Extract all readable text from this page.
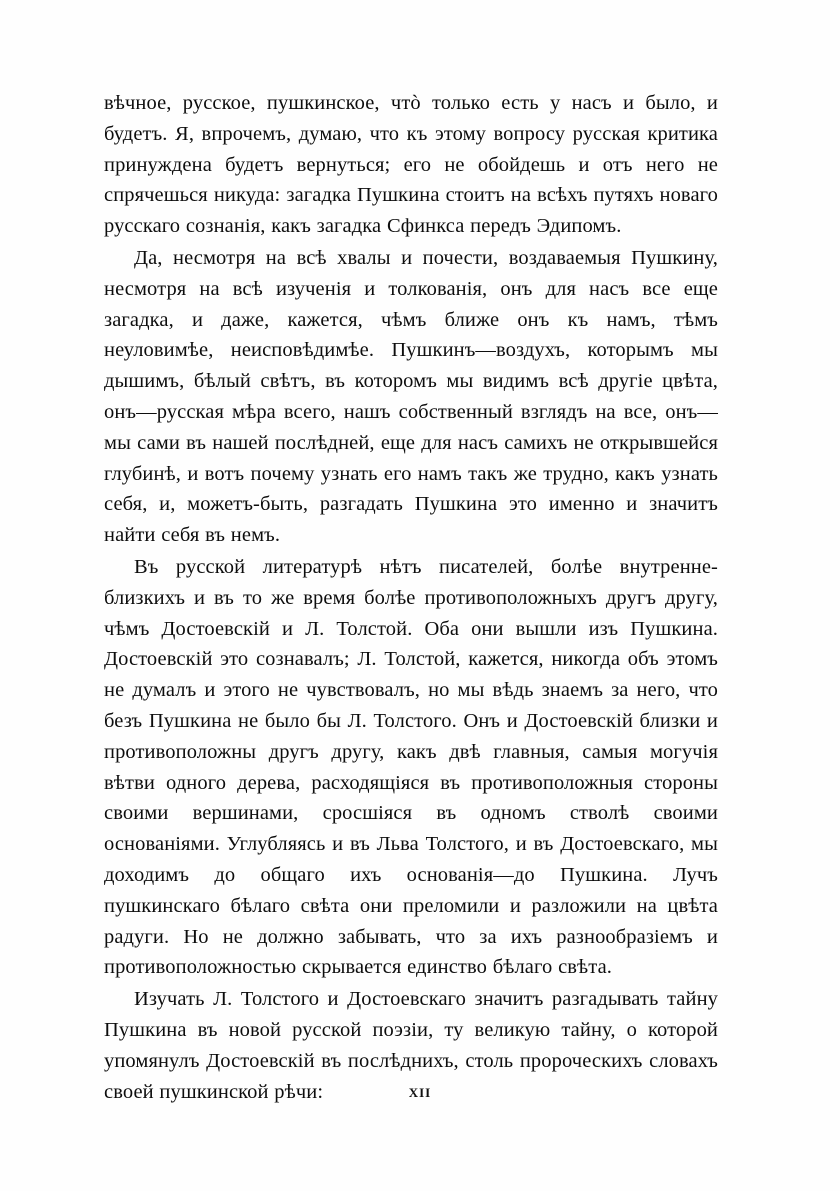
вѣчное, русское, пушкинское, чтò только есть у насъ и было, и будетъ. Я, впрочемъ, думаю, что къ этому вопросу русская критика принуждена будетъ вернуться; его не обойдешь и отъ него не спрячешься никуда: загадка Пушкина стоитъ на всѣхъ путяхъ новаго русскаго сознанія, какъ загадка Сфинкса передъ Эдипомъ.

Да, несмотря на всѣ хвалы и почести, воздаваемыя Пушкину, несмотря на всѣ изученія и толкованія, онъ для насъ все еще загадка, и даже, кажется, чѣмъ ближе онъ къ намъ, тѣмъ неуловимѣе, неисповѣдимѣе. Пушкинъ—воздухъ, которымъ мы дышимъ, бѣлый свѣтъ, въ которомъ мы видимъ всѣ другіе цвѣта, онъ—русская мѣра всего, нашъ собственный взглядъ на все, онъ—мы сами въ нашей послѣдней, еще для насъ самихъ не открывшейся глубинѣ, и вотъ почему узнать его намъ такъ же трудно, какъ узнать себя, и, можетъ-быть, разгадать Пушкина это именно и значитъ найти себя въ немъ.

Въ русской литературѣ нѣтъ писателей, болѣе внутренне-близкихъ и въ то же время болѣе противоположныхъ другъ другу, чѣмъ Достоевскій и Л. Толстой. Оба они вышли изъ Пушкина. Достоевскій это сознавалъ; Л. Толстой, кажется, никогда объ этомъ не думалъ и этого не чувствовалъ, но мы вѣдь знаемъ за него, что безъ Пушкина не было бы Л. Толстого. Онъ и Достоевскій близки и противоположны другъ другу, какъ двѣ главныя, самыя могучія вѣтви одного дерева, расходящіяся въ противоположныя стороны своими вершинами, сросшіяся въ одномъ стволѣ своими основаніями. Углубляясь и въ Льва Толстого, и въ Достоевскаго, мы доходимъ до общаго ихъ основанія—до Пушкина. Лучъ пушкинскаго бѣлаго свѣта они преломили и разложили на цвѣта радуги. Но не должно забывать, что за ихъ разнообразіемъ и противоположностью скрывается единство бѣлаго свѣта.

Изучать Л. Толстого и Достоевскаго значитъ разгадывать тайну Пушкина въ новой русской поэзіи, ту великую тайну, о которой упомянулъ Достоевскій въ послѣднихъ, столь пророческихъ словахъ своей пушкинской рѣчи:	XII
